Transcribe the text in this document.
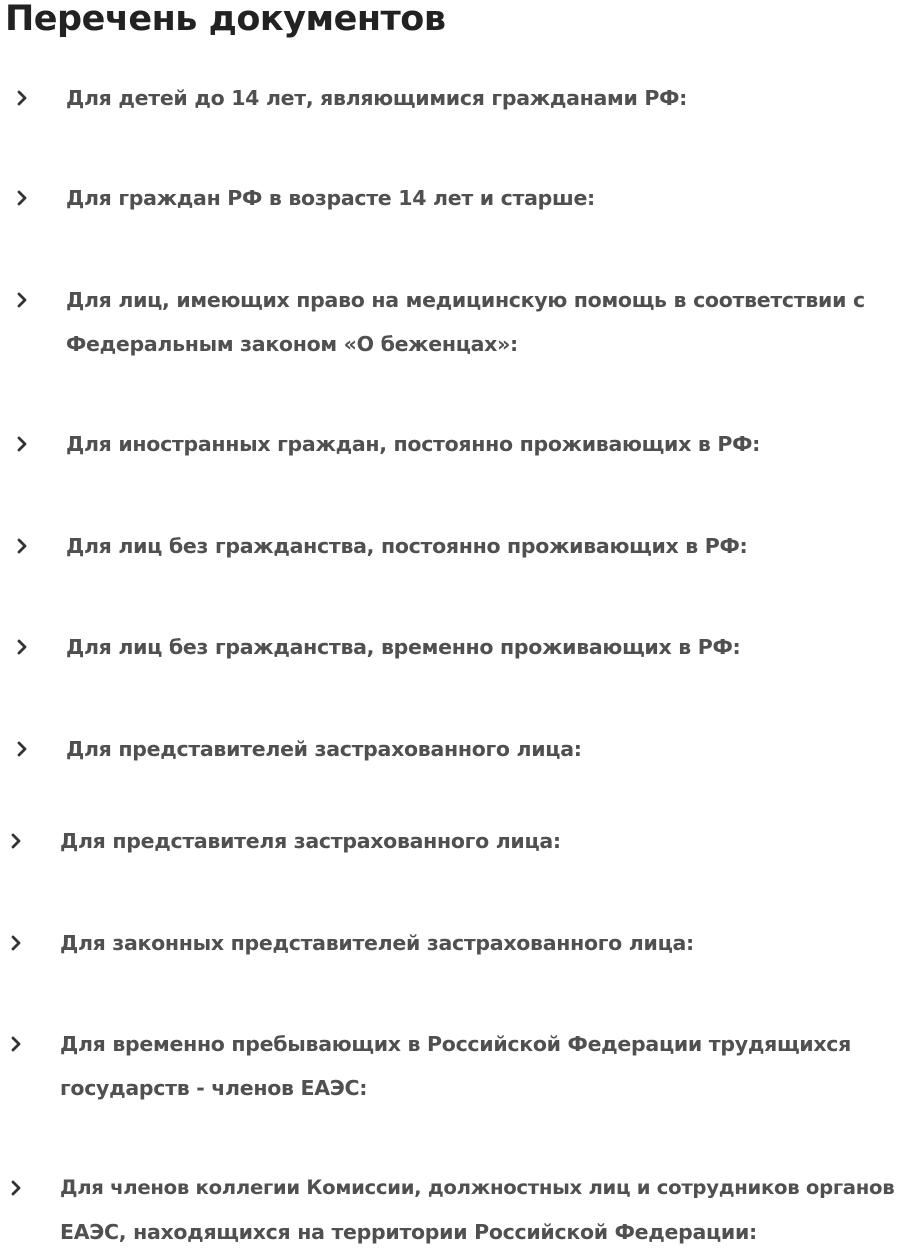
Перечень документов
Для детей до 14 лет, являющимися гражданами РФ:
Для граждан РФ в возрасте 14 лет и старше:
Для лиц, имеющих право на медицинскую помощь в соответствии с
Федеральным законом «О беженцах»:
Для иностранных граждан, постоянно проживающих в РФ:
Для лиц без гражданства, постоянно проживающих в РФ:
Для лиц без гражданства, временно проживающих в РФ:
Для представителей застрахованного лица:
Для представителя застрахованного лица:
Для законных представителей застрахованного лица:
Для временно пребывающих в Российской Федерации трудящихся
государств - членов ЕАЭС:
Для членов коллегии Комиссии, должностных лиц и сотрудников органов
ЕАЭС, находящихся на территории Российской Федерации:
